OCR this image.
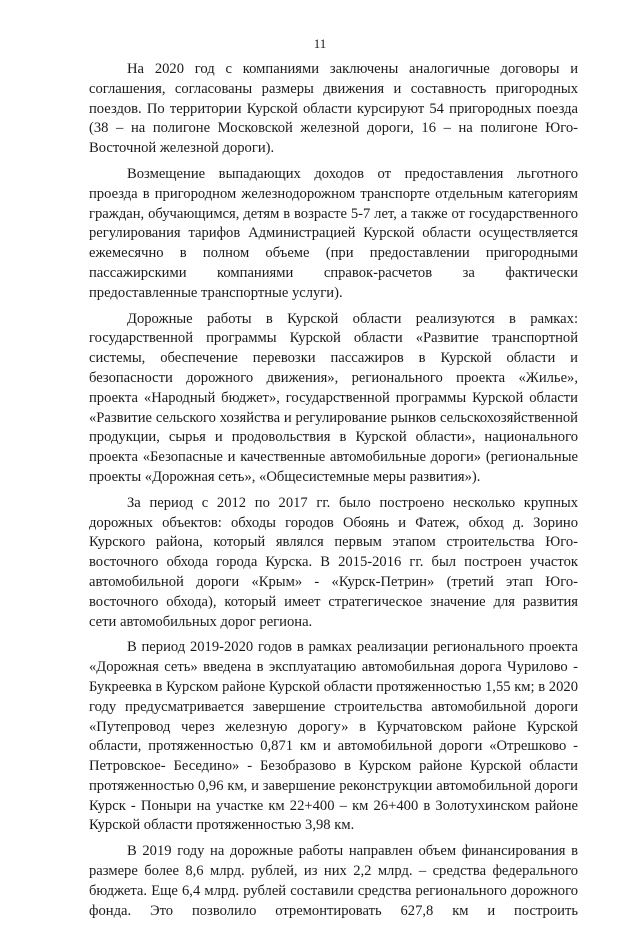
11

На 2020 год с компаниями заключены аналогичные договоры и соглашения, согласованы размеры движения и составность пригородных поездов. По территории Курской области курсируют 54 пригородных поезда (38 – на полигоне Московской железной дороги, 16 – на полигоне Юго-Восточной железной дороги).

Возмещение выпадающих доходов от предоставления льготного проезда в пригородном железнодорожном транспорте отдельным категориям граждан, обучающимся, детям в возрасте 5-7 лет, а также от государственного регулирования тарифов Администрацией Курской области осуществляется ежемесячно в полном объеме (при предоставлении пригородными пассажирскими компаниями справок-расчетов за фактически предоставленные транспортные услуги).

Дорожные работы в Курской области реализуются в рамках: государственной программы Курской области «Развитие транспортной системы, обеспечение перевозки пассажиров в Курской области и безопасности дорожного движения», регионального проекта «Жилье», проекта «Народный бюджет», государственной программы Курской области «Развитие сельского хозяйства и регулирование рынков сельскохозяйственной продукции, сырья и продовольствия в Курской области», национального проекта «Безопасные и качественные автомобильные дороги» (региональные проекты «Дорожная сеть», «Общесистемные меры развития»).

За период с 2012 по 2017 гг. было построено несколько крупных дорожных объектов: обходы городов Обоянь и Фатеж, обход д. Зорино Курского района, который являлся первым этапом строительства Юго-восточного обхода города Курска. В 2015-2016 гг. был построен участок автомобильной дороги «Крым» - «Курск-Петрин» (третий этап Юго-восточного обхода), который имеет стратегическое значение для развития сети автомобильных дорог региона.

В период 2019-2020 годов в рамках реализации регионального проекта «Дорожная сеть» введена в эксплуатацию автомобильная дорога Чурилово - Букреевка в Курском районе Курской области протяженностью 1,55 км; в 2020 году предусматривается завершение строительства автомобильной дороги «Путепровод через железную дорогу» в Курчатовском районе Курской области, протяженностью 0,871 км и автомобильной дороги «Отрешково - Петровское- Беседино» - Безобразово в Курском районе Курской области протяженностью 0,96 км, и завершение реконструкции автомобильной дороги Курск - Поныри на участке км 22+400 – км 26+400 в Золотухинском районе Курской области протяженностью 3,98 км.

В 2019 году на дорожные работы направлен объем финансирования в размере более 8,6 млрд. рублей, из них 2,2 млрд. – средства федерального бюджета. Еще 6,4 млрд. рублей составили средства регионального дорожного фонда. Это позволило отремонтировать 627,8 км и построить
